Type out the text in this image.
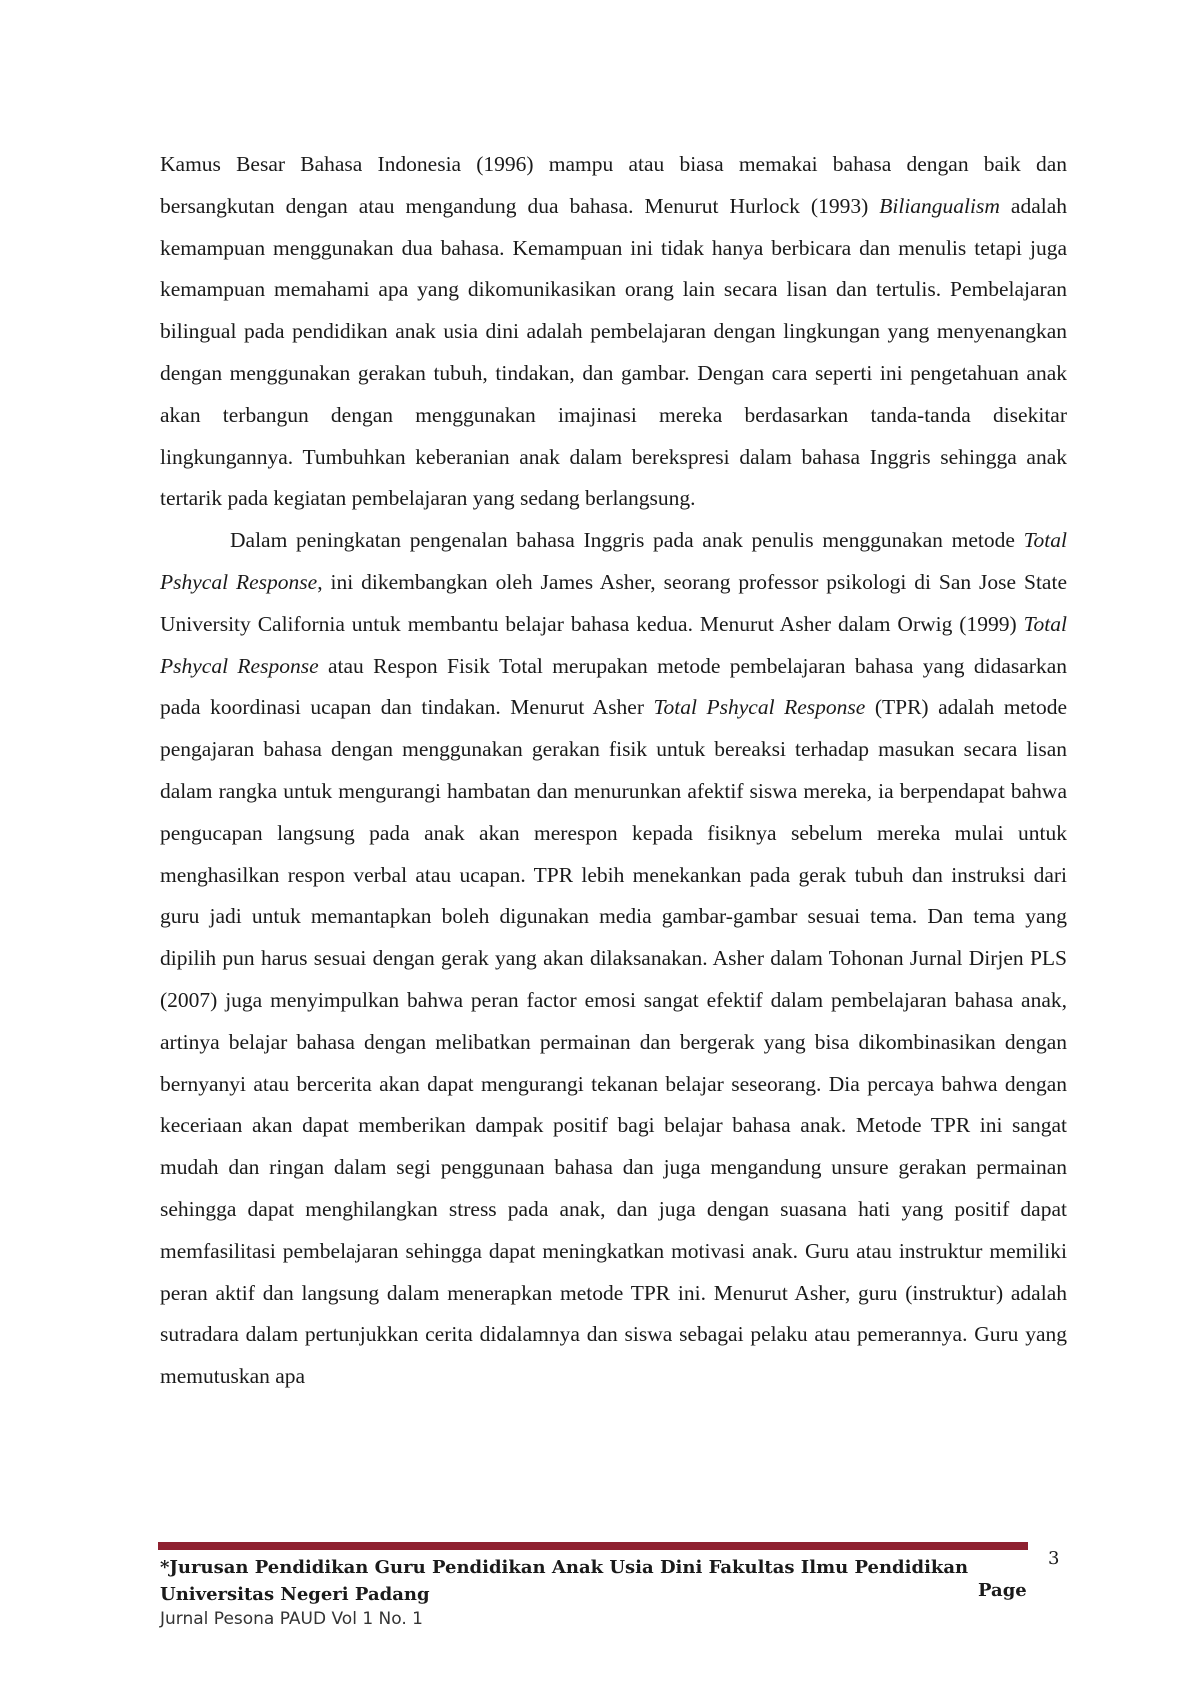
Kamus Besar Bahasa Indonesia (1996) mampu atau biasa memakai bahasa dengan baik dan bersangkutan dengan atau mengandung dua bahasa. Menurut Hurlock (1993) Biliangualism adalah kemampuan menggunakan dua bahasa. Kemampuan ini tidak hanya berbicara dan menulis tetapi juga kemampuan memahami apa yang dikomunikasikan orang lain secara lisan dan tertulis. Pembelajaran bilingual pada pendidikan anak usia dini adalah pembelajaran dengan lingkungan yang menyenangkan dengan menggunakan gerakan tubuh, tindakan, dan gambar. Dengan cara seperti ini pengetahuan anak akan terbangun dengan menggunakan imajinasi mereka berdasarkan tanda-tanda disekitar lingkungannya. Tumbuhkan keberanian anak dalam berekspresi dalam bahasa Inggris sehingga anak tertarik pada kegiatan pembelajaran yang sedang berlangsung.

Dalam peningkatan pengenalan bahasa Inggris pada anak penulis menggunakan metode Total Pshycal Response, ini dikembangkan oleh James Asher, seorang professor psikologi di San Jose State University California untuk membantu belajar bahasa kedua. Menurut Asher dalam Orwig (1999) Total Pshycal Response atau Respon Fisik Total merupakan metode pembelajaran bahasa yang didasarkan pada koordinasi ucapan dan tindakan. Menurut Asher Total Pshycal Response (TPR) adalah metode pengajaran bahasa dengan menggunakan gerakan fisik untuk bereaksi terhadap masukan secara lisan dalam rangka untuk mengurangi hambatan dan menurunkan afektif siswa mereka, ia berpendapat bahwa pengucapan langsung pada anak akan merespon kepada fisiknya sebelum mereka mulai untuk menghasilkan respon verbal atau ucapan. TPR lebih menekankan pada gerak tubuh dan instruksi dari guru jadi untuk memantapkan boleh digunakan media gambar-gambar sesuai tema. Dan tema yang dipilih pun harus sesuai dengan gerak yang akan dilaksanakan. Asher dalam Tohonan Jurnal Dirjen PLS (2007) juga menyimpulkan bahwa peran factor emosi sangat efektif dalam pembelajaran bahasa anak, artinya belajar bahasa dengan melibatkan permainan dan bergerak yang bisa dikombinasikan dengan bernyanyi atau bercerita akan dapat mengurangi tekanan belajar seseorang. Dia percaya bahwa dengan keceriaan akan dapat memberikan dampak positif bagi belajar bahasa anak. Metode TPR ini sangat mudah dan ringan dalam segi penggunaan bahasa dan juga mengandung unsure gerakan permainan sehingga dapat menghilangkan stress pada anak, dan juga dengan suasana hati yang positif dapat memfasilitasi pembelajaran sehingga dapat meningkatkan motivasi anak. Guru atau instruktur memiliki peran aktif dan langsung dalam menerapkan metode TPR ini. Menurut Asher, guru (instruktur) adalah sutradara dalam pertunjukkan cerita didalamnya dan siswa sebagai pelaku atau pemerannya. Guru yang memutuskan apa

*Jurusan Pendidikan Guru Pendidikan Anak Usia Dini Fakultas Ilmu Pendidikan
Universitas Negeri Padang
3
Page
Jurnal Pesona PAUD Vol 1 No. 1
